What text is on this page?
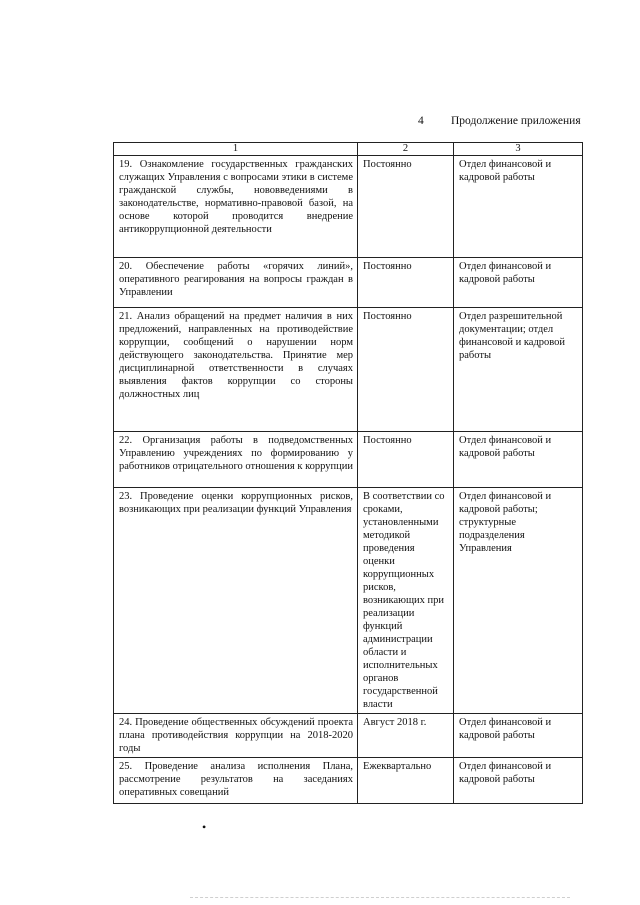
4 Продолжение приложения
1	2	3
19. Ознакомление государственных гражданских служащих Управления с вопросами этики в системе гражданской службы, нововведениями в законодательстве, нормативно-правовой базой, на основе которой проводится внедрение антикоррупционной деятельности	Постоянно	Отдел финансовой и кадровой работы
20. Обеспечение работы «горячих линий», оперативного реагирования на вопросы граждан в Управлении	Постоянно	Отдел финансовой и кадровой работы
21. Анализ обращений на предмет наличия в них предложений, направленных на противодействие коррупции, сообщений о нарушении норм действующего законодательства. Принятие мер дисциплинарной ответственности в случаях выявления фактов коррупции со стороны должностных лиц	Постоянно	Отдел разрешительной документации; отдел финансовой и кадровой работы
22. Организация работы в подведомственных Управлению учреждениях по формированию у работников отрицательного отношения к коррупции	Постоянно	Отдел финансовой и кадровой работы
23. Проведение оценки коррупционных рисков, возникающих при реализации функций Управления	В соответствии со сроками, установленными методикой проведения оценки коррупционных рисков, возникающих при реализации функций администрации области и исполнительных органов государственной власти	Отдел финансовой и кадровой работы; структурные подразделения Управления
24. Проведение общественных обсуждений проекта плана противодействия коррупции на 2018-2020 годы	Август 2018 г.	Отдел финансовой и кадровой работы
25. Проведение анализа исполнения Плана, рассмотрение результатов на заседаниях оперативных совещаний	Ежеквартально	Отдел финансовой и кадровой работы
•
